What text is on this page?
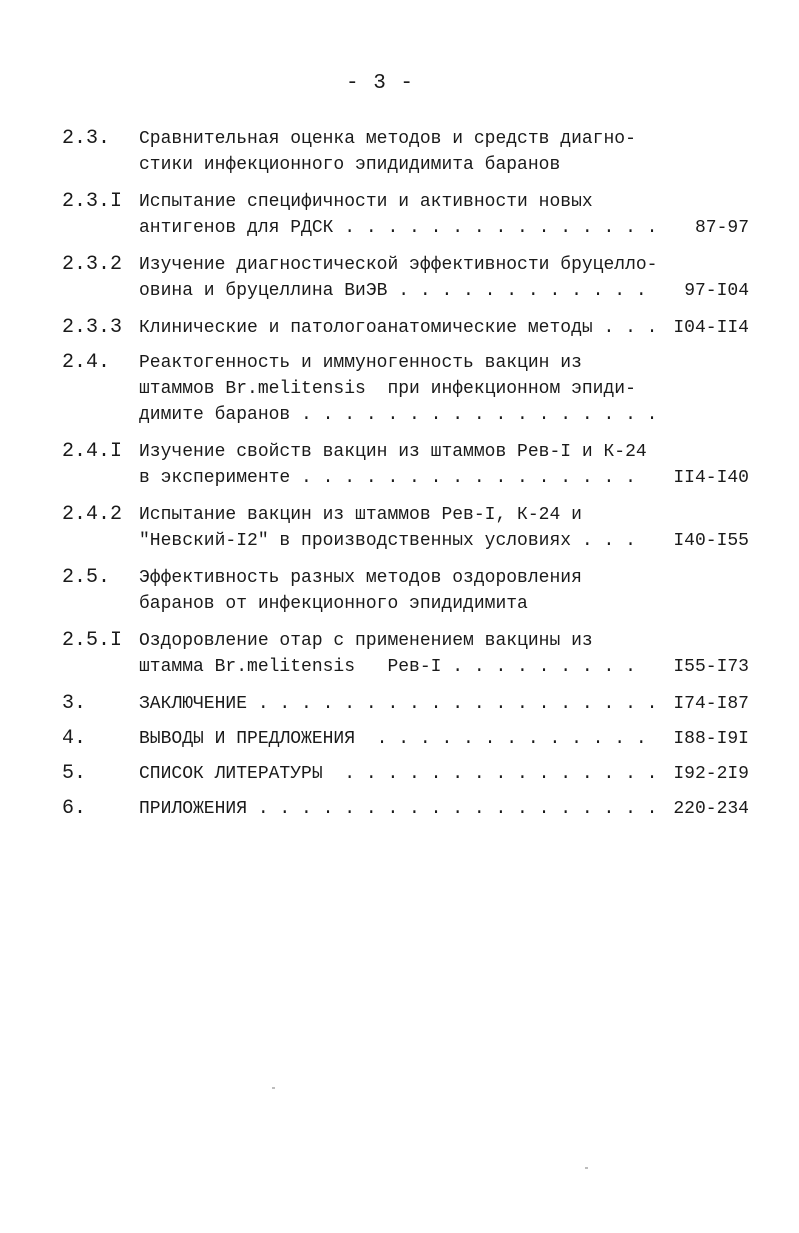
- 3 -
2.3. Сравнительная оценка методов и средств диагно-
стики инфекционного эпидидимита баранов
2.3.I Испытание специфичности и активности новых
антигенов для РДСК . . . . . . . . . . . . . . . 87-97
2.3.2 Изучение диагностической эффективности бруцелло-
овина и бруцеллина ВиЭВ . . . . . . . . . . . . 97-I04
2.3.3 Клинические и патологоанатомические методы . . . I04-II4
2.4. Реактогенность и иммуногенность вакцин из
штаммов Br.melitensis  при инфекционном эпиди-
димите баранов . . . . . . . . . . . . . . . . .
2.4.I Изучение свойств вакцин из штаммов Рев-I и К-24
в эксперименте . . . . . . . . . . . . . . . . II4-I40
2.4.2 Испытание вакцин из штаммов Рев-I, К-24 и
"Невский-I2" в производственных условиях . . . I40-I55
2.5. Эффективность разных методов оздоровления
баранов от инфекционного эпидидимита
2.5.I Оздоровление отар с применением вакцины из
штамма Br.melitensis   Рев-I . . . . . . . . . I55-I73
3.	ЗАКЛЮЧЕНИЕ . . . . . . . . . . . . . . . . . . . I74-I87
4.	ВЫВОДЫ И ПРЕДЛОЖЕНИЯ  . . . . . . . . . . . . . I88-I9I
5.	СПИСОК ЛИТЕРАТУРЫ  . . . . . . . . . . . . . . . I92-2I9
6.	ПРИЛОЖЕНИЯ . . . . . . . . . . . . . . . . . . . 220-234
